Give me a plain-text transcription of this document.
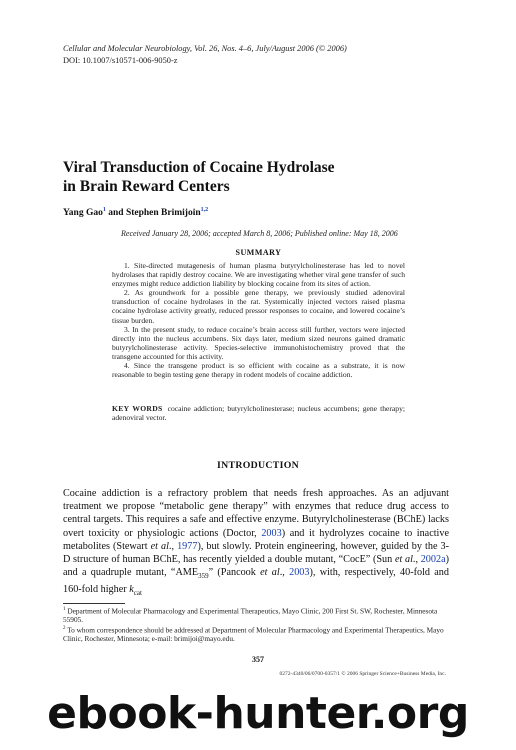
Cellular and Molecular Neurobiology, Vol. 26, Nos. 4–6, July/August 2006 (© 2006)
DOI: 10.1007/s10571-006-9050-z
Viral Transduction of Cocaine Hydrolase
in Brain Reward Centers
Yang Gao$^1$ and Stephen Brimijoin$^{1,2}$
Received January 28, 2006; accepted March 8, 2006; Published online: May 18, 2006
SUMMARY

1. Site-directed mutagenesis of human plasma butyrylcholinesterase has led to novel hydrolases that rapidly destroy cocaine. We are investigating whether viral gene transfer of such enzymes might reduce addiction liability by blocking cocaine from its sites of action.

2. As groundwork for a possible gene therapy, we previously studied adenoviral transduction of cocaine hydrolases in the rat. Systemically injected vectors raised plasma cocaine hydrolase activity greatly, reduced pressor responses to cocaine, and lowered cocaine’s tissue burden.

3. In the present study, to reduce cocaine’s brain access still further, vectors were injected directly into the nucleus accumbens. Six days later, medium sized neurons gained dramatic butyrylcholinesterase activity. Species-selective immunohistochemistry proved that the transgene accounted for this activity.

4. Since the transgene product is so efficient with cocaine as a substrate, it is now reasonable to begin testing gene therapy in rodent models of cocaine addiction.

KEY WORDS cocaine addiction; butyrylcholinesterase; nucleus accumbens; gene therapy; adenoviral vector.
INTRODUCTION
Cocaine addiction is a refractory problem that needs fresh approaches. As an adjuvant treatment we propose “metabolic gene therapy” with enzymes that reduce drug access to central targets. This requires a safe and effective enzyme. Butyrylcholinesterase (BChE) lacks overt toxicity or physiologic actions (Doctor, 2003) and it hydrolyzes cocaine to inactive metabolites (Stewart et al., 1977), but slowly. Protein engineering, however, guided by the 3-D structure of human BChE, has recently yielded a double mutant, “CocE” (Sun et al., 2002a) and a quadruple mutant, “$AME_{359}$” (Pancook et al., 2003), with, respectively, 40-fold and 160-fold higher $k_{cat}$
$^1$ Department of Molecular Pharmacology and Experimental Therapeutics, Mayo Clinic, 200 First St. SW, Rochester, Minnesota 55905.
$^2$ To whom correspondence should be addressed at Department of Molecular Pharmacology and Experimental Therapeutics, Mayo Clinic, Rochester, Minnesota; e-mail: brimijoi@mayo.edu.
357
0272-4340/06/0700-0357/1 © 2006 Springer Science+Business Media, Inc.
ebook-hunter.org
